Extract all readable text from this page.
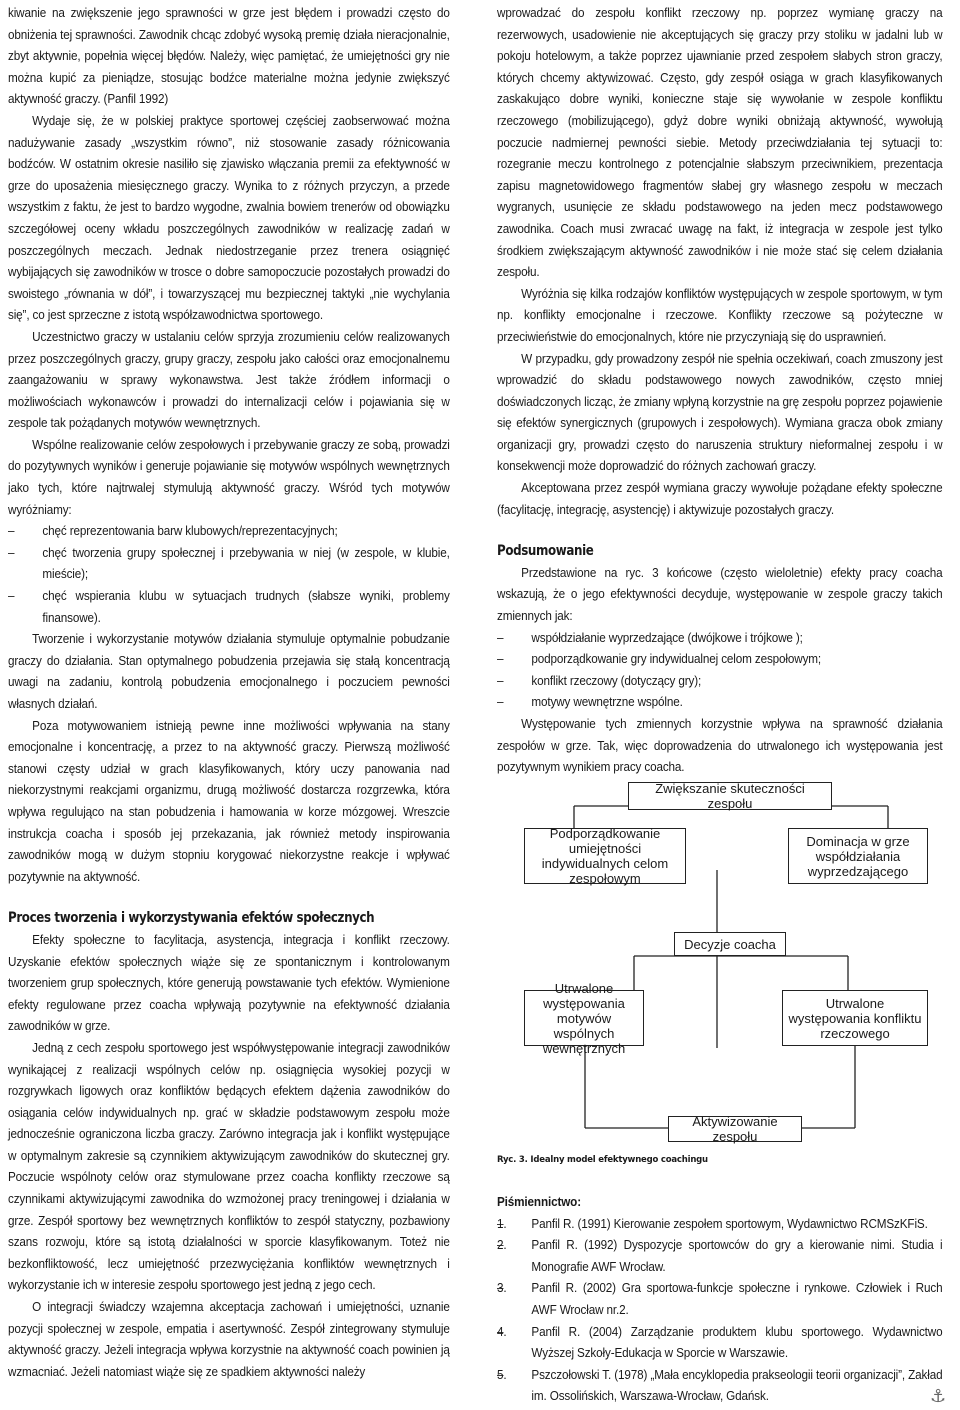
kiwanie na zwiększenie jego sprawności w grze jest błędem i prowadzi często do obniżenia tej sprawności. Zawodnik chcąc zdobyć wysoką premię działa nieracjonalnie, zbyt aktywnie, popełnia więcej błędów. Należy, więc pamiętać, że umiejętności gry nie można kupić za pieniądze, stosując bodźce materialne można jedynie zwiększyć aktywność graczy. (Panfil 1992)

Wydaje się, że w polskiej praktyce sportowej częściej zaobserwować można nadużywanie zasady „wszystkim równo”, niż stosowanie zasady różnicowania bodźców. W ostatnim okresie nasiliło się zjawisko włączania premii za efektywność w grze do uposażenia miesięcznego graczy. Wynika to z różnych przyczyn, a przede wszystkim z faktu, że jest to bardzo wygodne, zwalnia bowiem trenerów od obowiązku szczegółowej oceny wkładu poszczególnych zawodników w realizację zadań w poszczególnych meczach. Jednak niedostrzeganie przez trenera osiągnięć wybijających się zawodników w trosce o dobre samopoczucie pozostałych prowadzi do swoistego „równania w dół”, i towarzyszącej mu bezpiecznej taktyki „nie wychylania się”, co jest sprzeczne z istotą współzawodnictwa sportowego.

Uczestnictwo graczy w ustalaniu celów sprzyja zrozumieniu celów realizowanych przez poszczególnych graczy, grupy graczy, zespołu jako całości oraz emocjonalnemu zaangażowaniu w sprawy wykonawstwa. Jest także źródłem informacji o możliwościach wykonawców i prowadzi do internalizacji celów i pojawiania się w zespole tak pożądanych motywów wewnętrznych.

Wspólne realizowanie celów zespołowych i przebywanie graczy ze sobą, prowadzi do pozytywnych wyników i generuje pojawianie się motywów wspólnych wewnętrznych jako tych, które najtrwalej stymulują aktywność graczy. Wśród tych motywów wyróżniamy:

– chęć reprezentowania barw klubowych/reprezentacyjnych;
– chęć tworzenia grupy społecznej i przebywania w niej (w zespole, w klubie, mieście);
– chęć wspierania klubu w sytuacjach trudnych (słabsze wyniki, problemy finansowe).

Tworzenie i wykorzystanie motywów działania stymuluje optymalnie pobudzanie graczy do działania. Stan optymalnego pobudzenia przejawia się stałą koncentracją uwagi na zadaniu, kontrolą pobudzenia emocjonalnego i poczuciem pewności własnych działań.

Poza motywowaniem istnieją pewne inne możliwości wpływania na stany emocjonalne i koncentrację, a przez to na aktywność graczy. Pierwszą możliwość stanowi częsty udział w grach klasyfikowanych, który uczy panowania nad niekorzystnymi reakcjami organizmu, drugą możliwość dostarcza rozgrzewka, która wpływa regulująco na stan pobudzenia i hamowania w korze mózgowej. Wreszcie instrukcja coacha i sposób jej przekazania, jak również metody inspirowania zawodników mogą w dużym stopniu korygować niekorzystne reakcje i wpływać pozytywnie na aktywność.

Proces tworzenia i wykorzystywania efektów społecznych

Efekty społeczne to facylitacja, asystencja, integracja i konflikt rzeczowy. Uzyskanie efektów społecznych wiąże się ze spontanicznym i kontrolowanym tworzeniem grup społecznych, które generują powstawanie tych efektów. Wymienione efekty regulowane przez coacha wpływają pozytywnie na efektywność działania zawodników w grze.

Jedną z cech zespołu sportowego jest współwystępowanie integracji zawodników wynikającej z realizacji wspólnych celów np. osiągnięcia wysokiej pozycji w rozgrywkach ligowych oraz konfliktów będących efektem dążenia zawodników do osiągania celów indywidualnych np. grać w składzie podstawowym zespołu może jednocześnie ograniczona liczba graczy. Zarówno integracja jak i konflikt występujące w optymalnym zakresie są czynnikiem aktywizującym zawodników do skutecznej gry. Poczucie wspólnoty celów oraz stymulowane przez coacha konflikty rzeczowe są czynnikami aktywizującymi zawodnika do wzmożonej pracy treningowej i działania w grze. Zespół sportowy bez wewnętrznych konfliktów to zespół statyczny, pozbawiony szans rozwoju, które są istotą działalności w sporcie klasyfikowanym. Toteż nie bezkonfliktowość, lecz umiejętność przezwyciężania konfliktów wewnętrznych i wykorzystanie ich w interesie zespołu sportowego jest jedną z jego cech.

O integracji świadczy wzajemna akceptacja zachowań i umiejętności, uznanie pozycji społecznej w zespole, empatia i asertywność. Zespół zintegrowany stymuluje aktywność graczy. Jeżeli integracja wpływa korzystnie na aktywność coach powinien ją wzmacniać. Jeżeli natomiast wiąże się ze spadkiem aktywności należy

wprowadzać do zespołu konflikt rzeczowy np. poprzez wymianę graczy na rezerwowych, usadowienie nie akceptujących się graczy przy stoliku w jadalni lub w pokoju hotelowym, a także poprzez ujawnianie przed zespołem słabych stron graczy, których chcemy aktywizować. Często, gdy zespół osiąga w grach klasyfikowanych zaskakująco dobre wyniki, konieczne staje się wywołanie w zespole konfliktu rzeczowego (mobilizującego), gdyż dobre wyniki obniżają aktywność, wywołują poczucie nadmiernej pewności siebie. Metody przeciwdziałania tej sytuacji to: rozegranie meczu kontrolnego z potencjalnie słabszym przeciwnikiem, prezentacja zapisu magnetowidowego fragmentów słabej gry własnego zespołu w meczach wygranych, usunięcie ze składu podstawowego na jeden mecz podstawowego zawodnika. Coach musi zwracać uwagę na fakt, iż integracja w zespole jest tylko środkiem zwiększającym aktywność zawodników i nie może stać się celem działania zespołu.

Wyróżnia się kilka rodzajów konfliktów występujących w zespole sportowym, w tym np. konflikty emocjonalne i rzeczowe. Konflikty rzeczowe są pożyteczne w przeciwieństwie do emocjonalnych, które nie przyczyniają się do usprawnień.

W przypadku, gdy prowadzony zespół nie spełnia oczekiwań, coach zmuszony jest wprowadzić do składu podstawowego nowych zawodników, często mniej doświadczonych licząc, że zmiany wpłyną korzystnie na grę zespołu poprzez pojawienie się efektów synergicznych (grupowych i zespołowych). Wymiana gracza obok zmiany organizacji gry, prowadzi często do naruszenia struktury nieformalnej zespołu i w konsekwencji może doprowadzić do różnych zachowań graczy.

Akceptowana przez zespół wymiana graczy wywołuje pożądane efekty społeczne (facylitację, integrację, asystencję) i aktywizuje pozostałych graczy.

Podsumowanie

Przedstawione na ryc. 3 końcowe (często wieloletnie) efekty pracy coacha wskazują, że o jego efektywności decyduje, występowanie w zespole graczy takich zmiennych jak:

– współdziałanie wyprzedzające (dwójkowe i trójkowe );
– podporządkowanie gry indywidualnej celom zespołowym;
– konflikt rzeczowy (dotyczący gry);
– motywy wewnętrzne wspólne.

Występowanie tych zmiennych korzystnie wpływa na sprawność działania zespołów w grze. Tak, więc doprowadzenia do utrwalonego ich występowania jest pozytywnym wynikiem pracy coacha.

Zwiększanie skuteczności zespołu
Podporządkowanie umiejętności indywidualnych celom zespołowym
Dominacja w grze współdziałania wyprzedzającego
Decyzje coacha
Utrwalone występowania motywów wspólnych wewnętrznych
Utrwalone występowania konfliktu rzeczowego
Aktywizowanie zespołu
Ryc. 3. Idealny model efektywnego coachingu

Piśmiennictwo:

– 1. Panfil R. (1991) Kierowanie zespołem sportowym, Wydawnictwo RCMSzKFiS.
– 2. Panfil R. (1992) Dyspozycje sportowców do gry a kierowanie nimi. Studia i Monografie AWF Wrocław.
– 3. Panfil R. (2002) Gra sportowa-funkcje społeczne i rynkowe. Człowiek i Ruch AWF Wrocław nr.2.
– 4. Panfil R. (2004) Zarządzanie produktem klubu sportowego. Wydawnictwo Wyższej Szkoły-Edukacja w Sporcie w Warszawie.
– 5. Pszczołowski T. (1978) „Mała encyklopedia prakseologii teorii organizacji”, Zakład im. Ossolińskich, Warszawa-Wrocław, Gdańsk.	⚓
